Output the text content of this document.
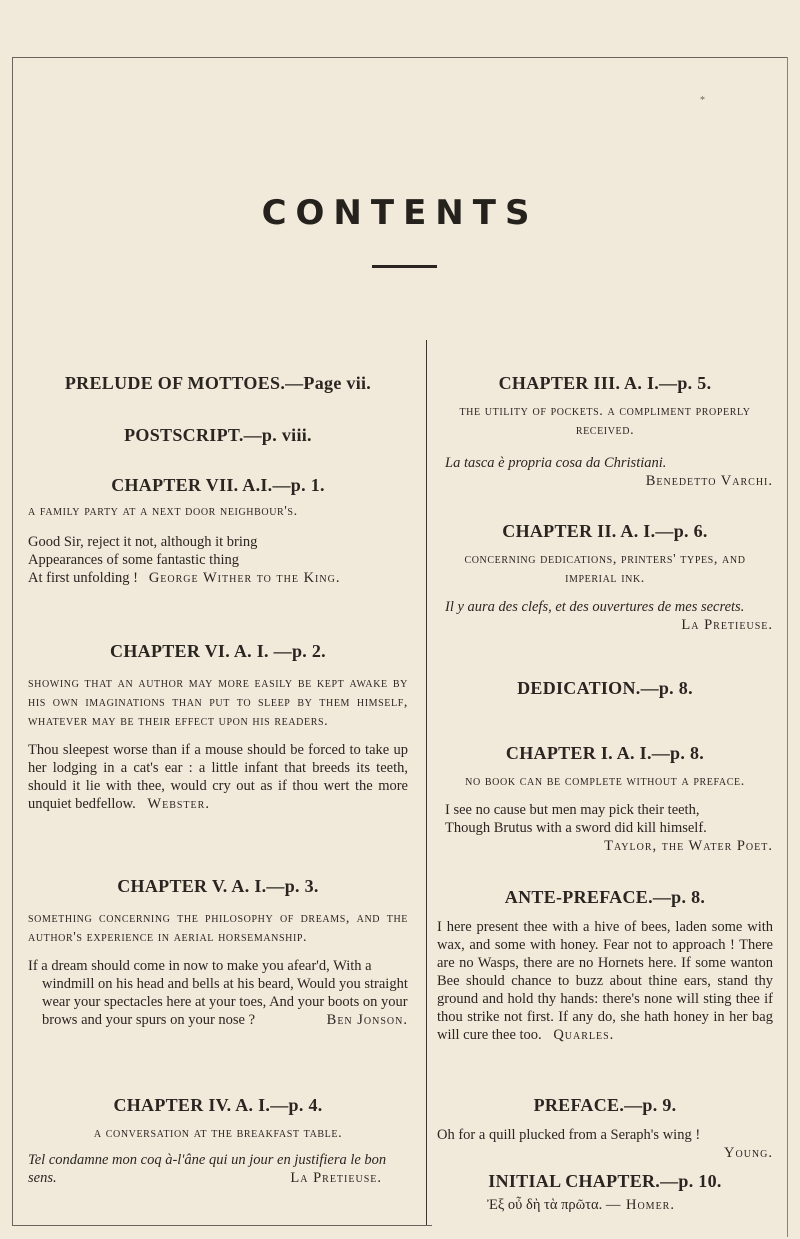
*
CONTENTS
PRELUDE OF MOTTOES.—Page vii.
POSTSCRIPT.—p. viii.
CHAPTER VII. A.I.—p. 1.

a family party at a next door neighbour's.

Good Sir, reject it not, although it bring

Appearances of some fantastic thing

At first unfolding ! George Wither to the King.

CHAPTER VI. A. I. —p. 2.

showing that an author may more easily be kept awake by his own imaginations than put to sleep by them himself, whatever may be their effect upon his readers.

Thou sleepest worse than if a mouse should be forced to take up her lodging in a cat's ear : a little infant that breeds its teeth, should it lie with thee, would cry out as if thou wert the more unquiet bedfellow. Webster.
CHAPTER V. A. I.—p. 3.

something concerning the philosophy of dreams, and the author's experience in aerial horsemanship.

If a dream should come in now to make you afear'd, With a windmill on his head and bells at his beard, Would you straight wear your spectacles here at your toes, And your boots on your brows and your spurs on your nose ?	Ben Jonson.

CHAPTER IV. A. I.—p. 4.

a conversation at the breakfast table.

Tel condamne mon coq à-l'âne qui un jour en justifiera le bon sens.	La Pretieuse.

CHAPTER III. A. I.—p. 5.

the utility of pockets. a compliment properly received.

La tasca è propria cosa da Christiani.

Benedetto Varchi.

CHAPTER II. A. I.—p. 6.

concerning dedications, printers' types, and imperial ink.

Il y aura des clefs, et des ouvertures de mes secrets.

La Pretieuse.

DEDICATION.—p. 8.
CHAPTER I. A. I.—p. 8.

no book can be complete without a preface.

I see no cause but men may pick their teeth,

Though Brutus with a sword did kill himself.

Taylor, the Water Poet.

ANTE-PREFACE.—p. 8.
I here present thee with a hive of bees, laden some with wax, and some with honey. Fear not to approach ! There are no Wasps, there are no Hornets here. If some wanton Bee should chance to buzz about thine ears, stand thy ground and hold thy hands: there's none will sting thee if thou strike not first. If any do, she hath honey in her bag will cure thee too. Quarles.
PREFACE.—p. 9.

Oh for a quill plucked from a Seraph's wing !

Young.

INITIAL CHAPTER.—p. 10.
Ἐξ οὖ δὴ τὰ πρῶτα. — Homer.
